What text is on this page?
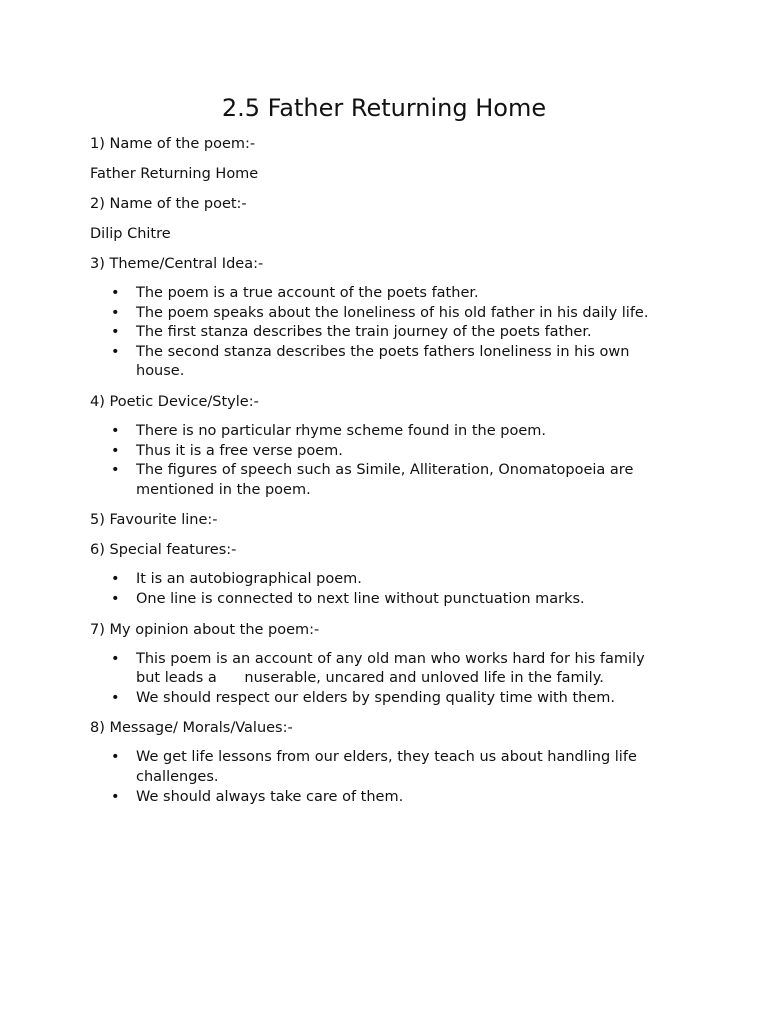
2.5 Father Returning Home

1) Name of the poem:-

Father Returning Home

2) Name of the poet:-

Dilip Chitre

3) Theme/Central Idea:-

• The poem is a true account of the poets father.
• The poem speaks about the loneliness of his old father in his daily life.
• The first stanza describes the train journey of the poets father.
• The second stanza describes the poets fathers loneliness in his own
house.

4) Poetic Device/Style:-

• There is no particular rhyme scheme found in the poem.
• Thus it is a free verse poem.
• The figures of speech such as Simile, Alliteration, Onomatopoeia are
mentioned in the poem.

5) Favourite line:-

6) Special features:-

• It is an autobiographical poem.
• One line is connected to next line without punctuation marks.

7) My opinion about the poem:-

• This poem is an account of any old man who works hard for his family
but leads a      nuserable, uncared and unloved life in the family.
• We should respect our elders by spending quality time with them.

8) Message/ Morals/Values:-

• We get life lessons from our elders, they teach us about handling life
challenges.
• We should always take care of them.
